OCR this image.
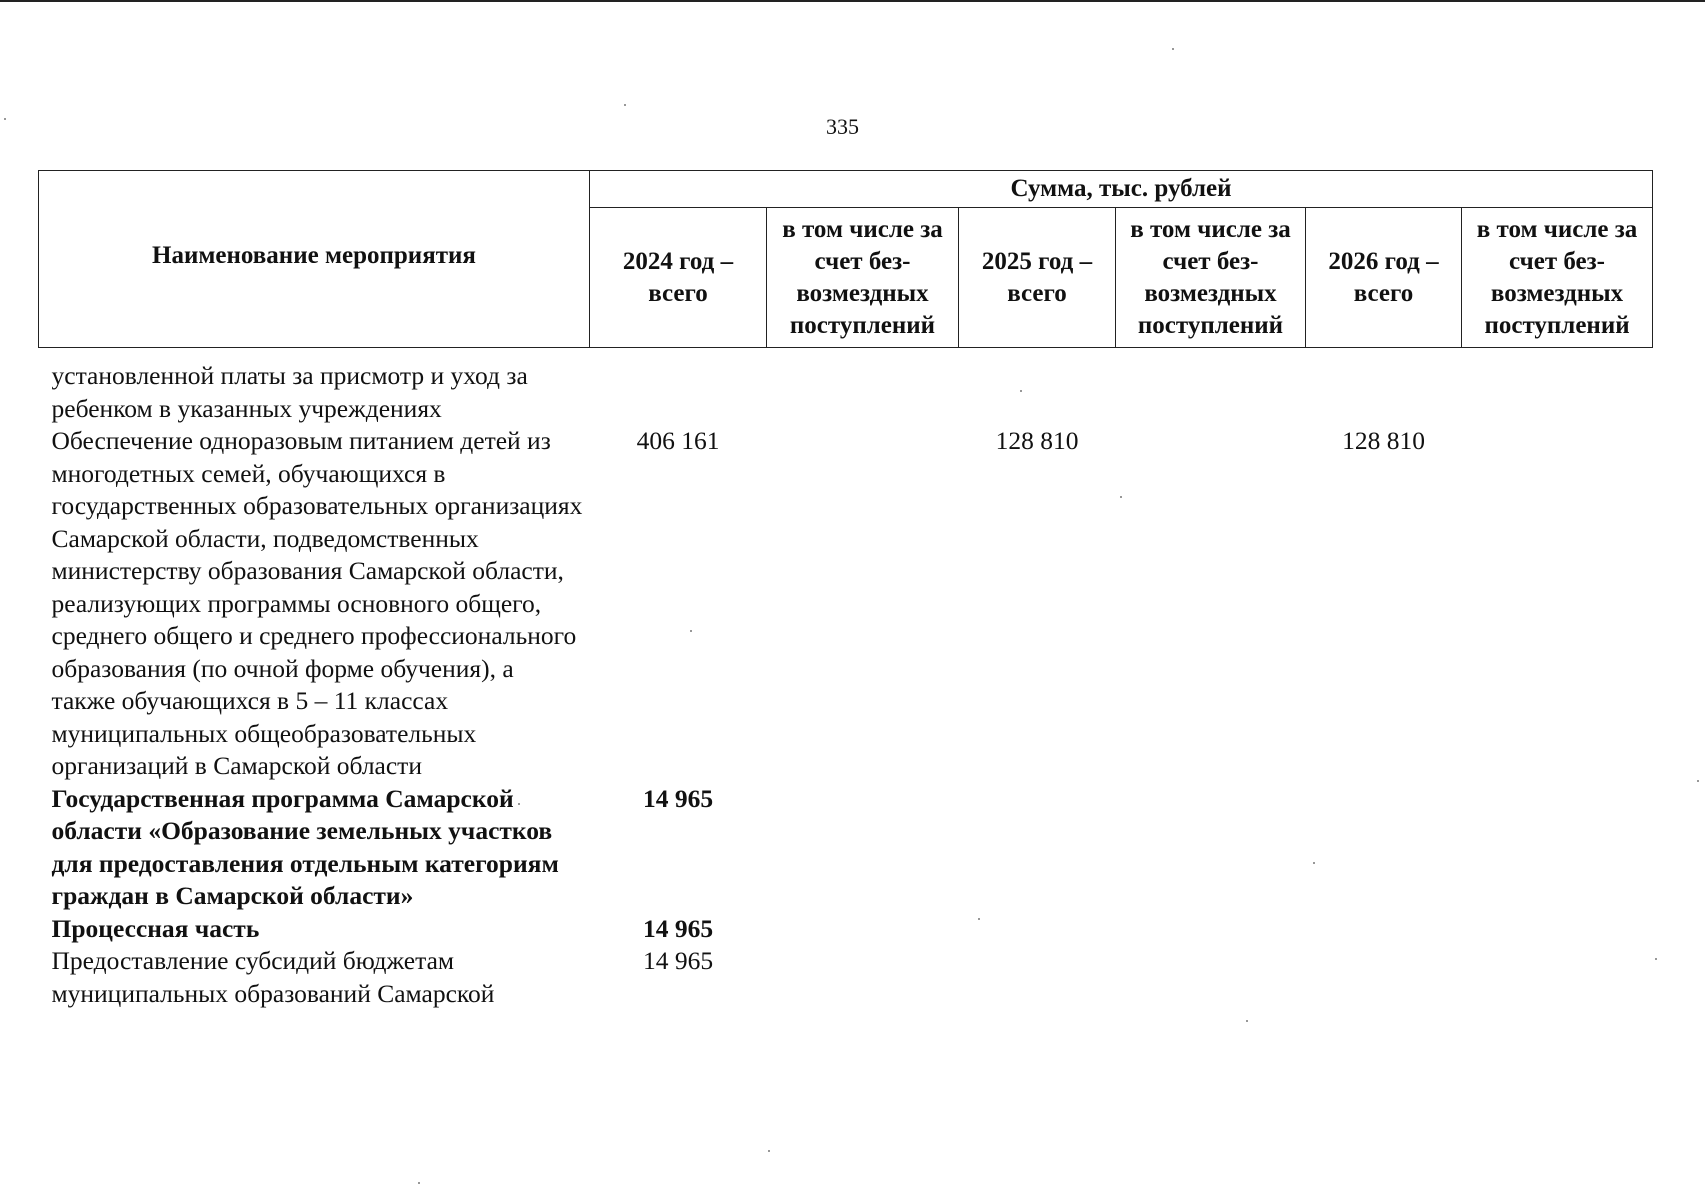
335
Наименование мероприятия	Сумма, тыс. рублей					
	2024 год – всего	в том числе за счет без-возмездных поступлений	2025 год – всего	в том числе за счет без-возмездных поступлений	2026 год – всего	в том числе за счет без-возмездных поступлений
установленной платы за присмотр и уход за ребенком в указанных учреждениях						
Обеспечение одноразовым питанием детей из многодетных семей, обучающихся в государственных образовательных организациях Самарской области, подведомственных министерству образования Самарской области, реализующих программы основного общего, среднего общего и среднего профессионального образования (по очной форме обучения), а также обучающихся в 5 – 11 классах муниципальных общеобразовательных организаций в Самарской области	406 161		128 810		128 810	
Государственная программа Самарской области «Образование земельных участков для предоставления отдельным категориям граждан в Самарской области»	14 965					
Процессная часть	14 965					
Предоставление субсидий бюджетам муниципальных образований Самарской	14 965					
